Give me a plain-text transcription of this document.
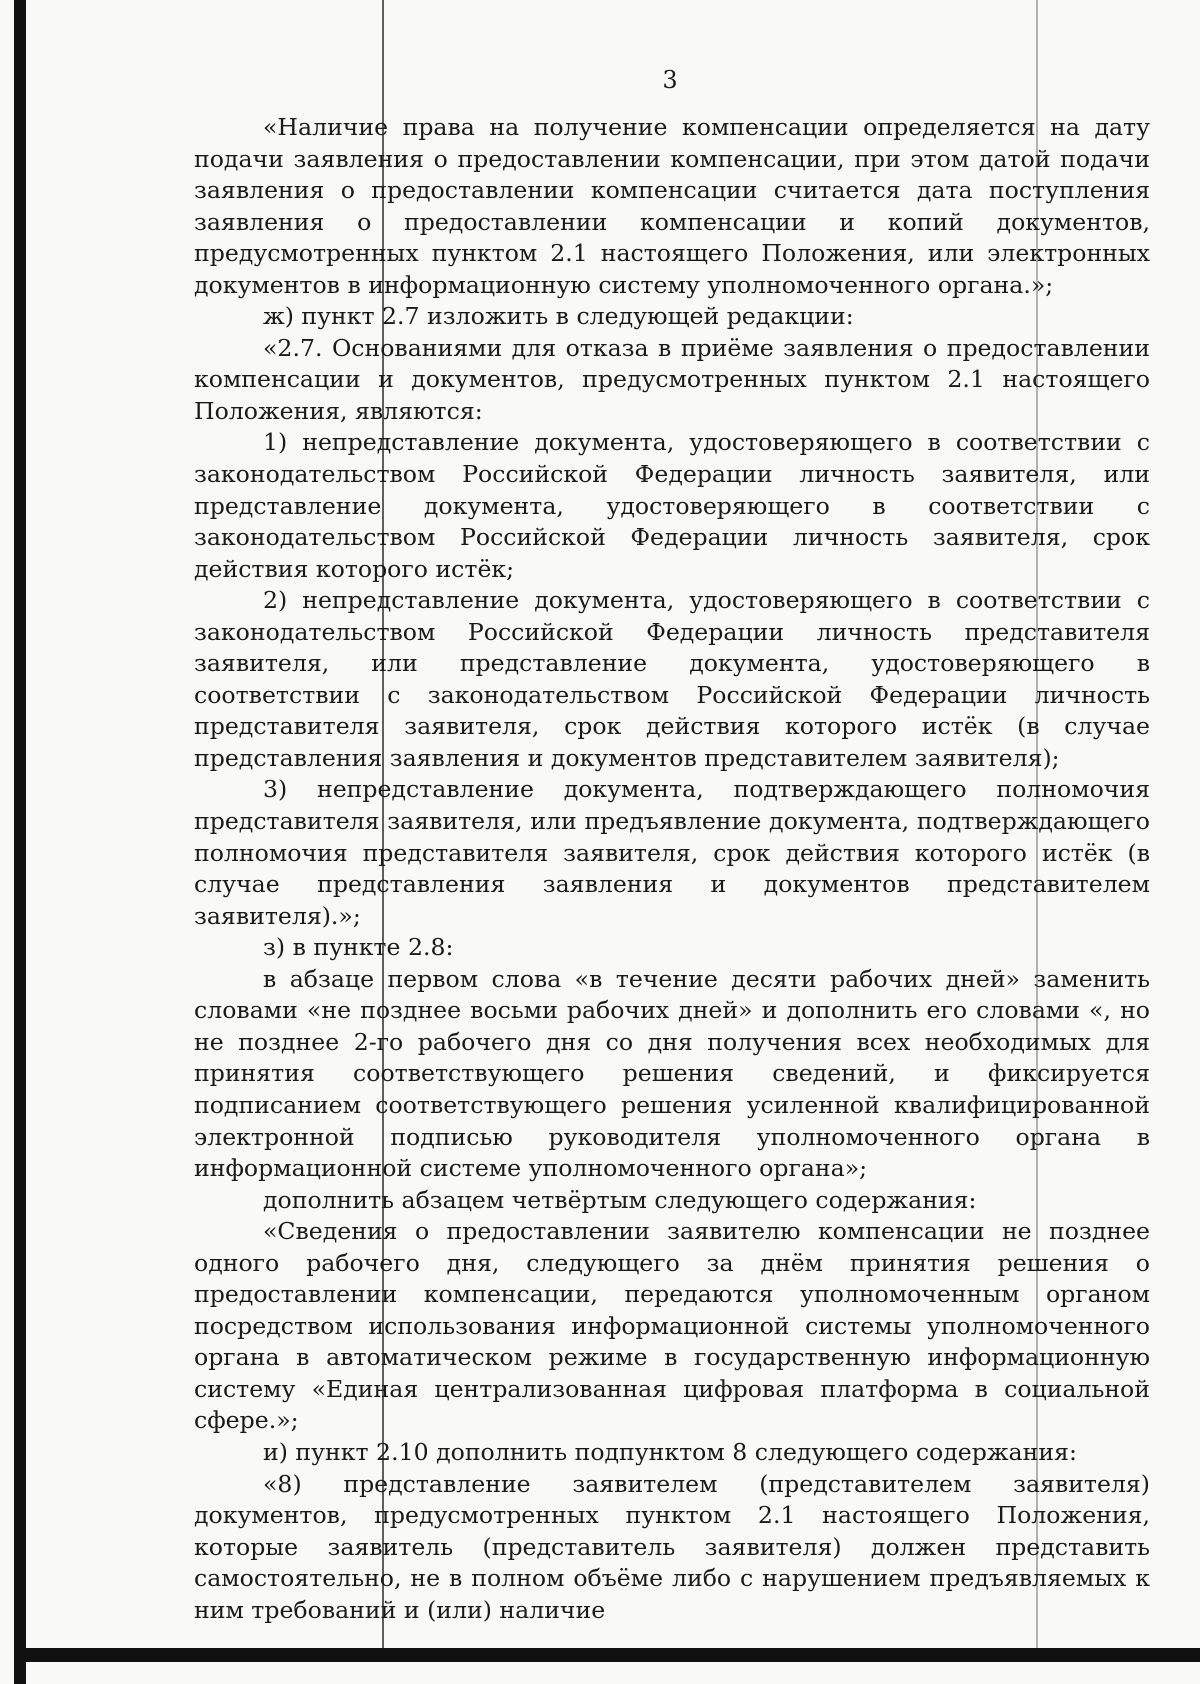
3

«Наличие права на получение компенсации определяется на дату подачи заявления о предоставлении компенсации, при этом датой подачи заявления о предоставлении компенсации считается дата поступления заявления о предоставлении компенсации и копий документов, предусмотренных пунктом 2.1 настоящего Положения, или электронных документов в информационную систему уполномоченного органа.»;

ж) пункт 2.7 изложить в следующей редакции:

«2.7. Основаниями для отказа в приёме заявления о предоставлении компенсации и документов, предусмотренных пунктом 2.1 настоящего Положения, являются:

1) непредставление документа, удостоверяющего в соответствии с законодательством Российской Федерации личность заявителя, или представление документа, удостоверяющего в соответствии с законодательством Российской Федерации личность заявителя, срок действия которого истёк;

2) непредставление документа, удостоверяющего в соответствии с законодательством Российской Федерации личность представителя заявителя, или представление документа, удостоверяющего в соответствии с законодательством Российской Федерации личность представителя заявителя, срок действия которого истёк (в случае представления заявления и документов представителем заявителя);

3) непредставление документа, подтверждающего полномочия представителя заявителя, или предъявление документа, подтверждающего полномочия представителя заявителя, срок действия которого истёк (в случае представления заявления и документов представителем заявителя).»;

з) в пункте 2.8:

в абзаце первом слова «в течение десяти рабочих дней» заменить словами «не позднее восьми рабочих дней» и дополнить его словами «, но не позднее 2-го рабочего дня со дня получения всех необходимых для принятия соответствующего решения сведений, и фиксируется подписанием соответствующего решения усиленной квалифицированной электронной подписью руководителя уполномоченного органа в информационной системе уполномоченного органа»;

дополнить абзацем четвёртым следующего содержания:

«Сведения о предоставлении заявителю компенсации не позднее одного рабочего дня, следующего за днём принятия решения о предоставлении компенсации, передаются уполномоченным органом посредством использования информационной системы уполномоченного органа в автоматическом режиме в государственную информационную систему «Единая централизованная цифровая платформа в социальной сфере.»;

и) пункт 2.10 дополнить подпунктом 8 следующего содержания:

«8) представление заявителем (представителем заявителя) документов, предусмотренных пунктом 2.1 настоящего Положения, которые заявитель (представитель заявителя) должен представить самостоятельно, не в полном объёме либо с нарушением предъявляемых к ним требований и (или) наличие
